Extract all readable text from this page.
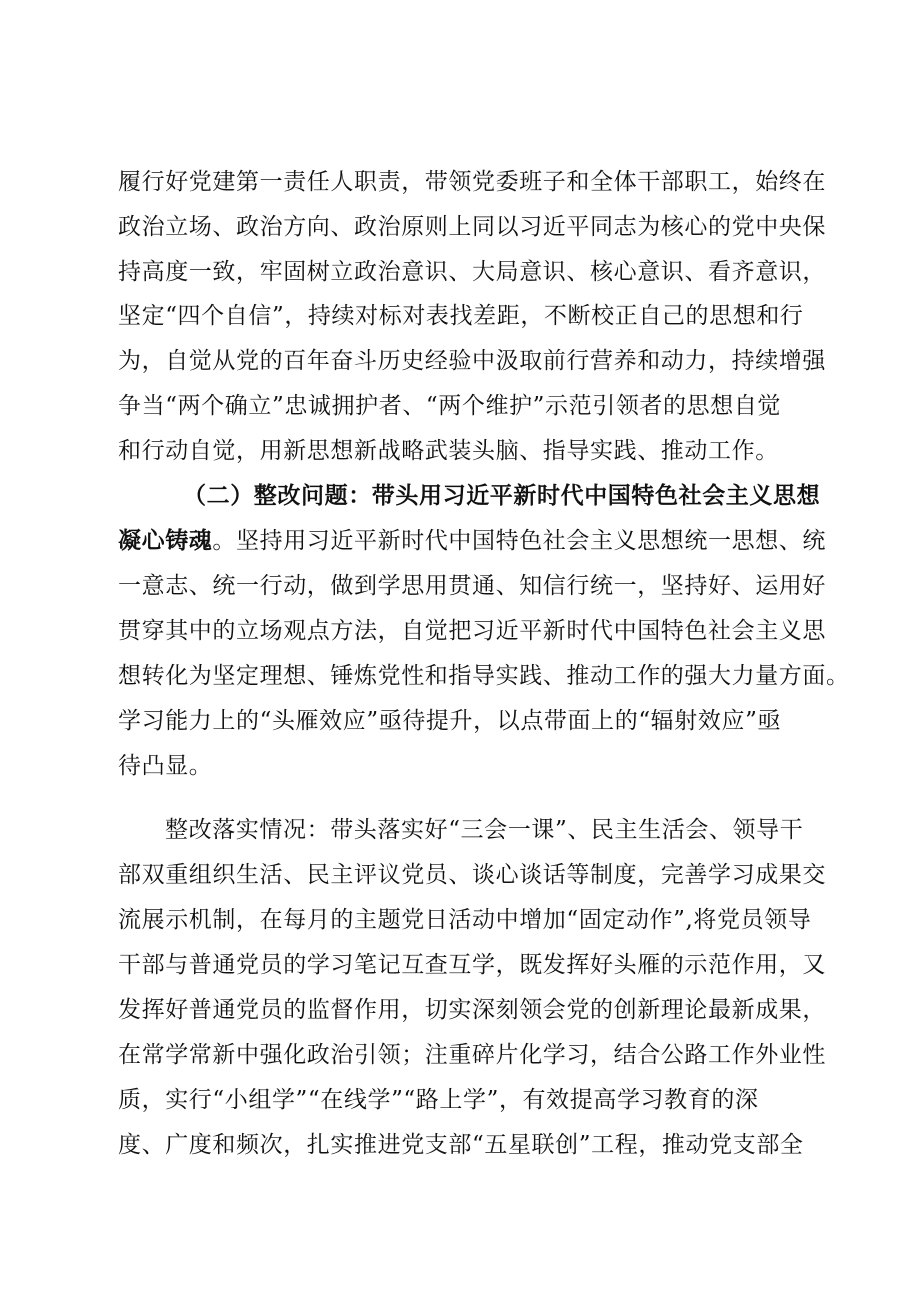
履行好党建第一责任人职责，带领党委班子和全体干部职工，始终在
政治立场、政治方向、政治原则上同以习近平同志为核心的党中央保
持高度一致，牢固树立政治意识、大局意识、核心意识、看齐意识，
坚定“四个自信”，持续对标对表找差距，不断校正自己的思想和行
为，自觉从党的百年奋斗历史经验中汲取前行营养和动力，持续增强
争当“两个确立”忠诚拥护者、“两个维护”示范引领者的思想自觉
和行动自觉，用新思想新战略武装头脑、指导实践、推动工作。
（二）整改问题：带头用习近平新时代中国特色社会主义思想
凝心铸魂。坚持用习近平新时代中国特色社会主义思想统一思想、统
一意志、统一行动，做到学思用贯通、知信行统一，坚持好、运用好
贯穿其中的立场观点方法，自觉把习近平新时代中国特色社会主义思
想转化为坚定理想、锤炼党性和指导实践、推动工作的强大力量方面。
学习能力上的“头雁效应”亟待提升，以点带面上的“辐射效应”亟
待凸显。
整改落实情况：带头落实好“三会一课”、民主生活会、领导干
部双重组织生活、民主评议党员、谈心谈话等制度，完善学习成果交
流展示机制，在每月的主题党日活动中增加“固定动作”,将党员领导
干部与普通党员的学习笔记互查互学，既发挥好头雁的示范作用，又
发挥好普通党员的监督作用，切实深刻领会党的创新理论最新成果，
在常学常新中强化政治引领；注重碎片化学习，结合公路工作外业性
质，实行“小组学”“在线学”“路上学”，有效提高学习教育的深
度、广度和频次，扎实推进党支部“五星联创”工程，推动党支部全
